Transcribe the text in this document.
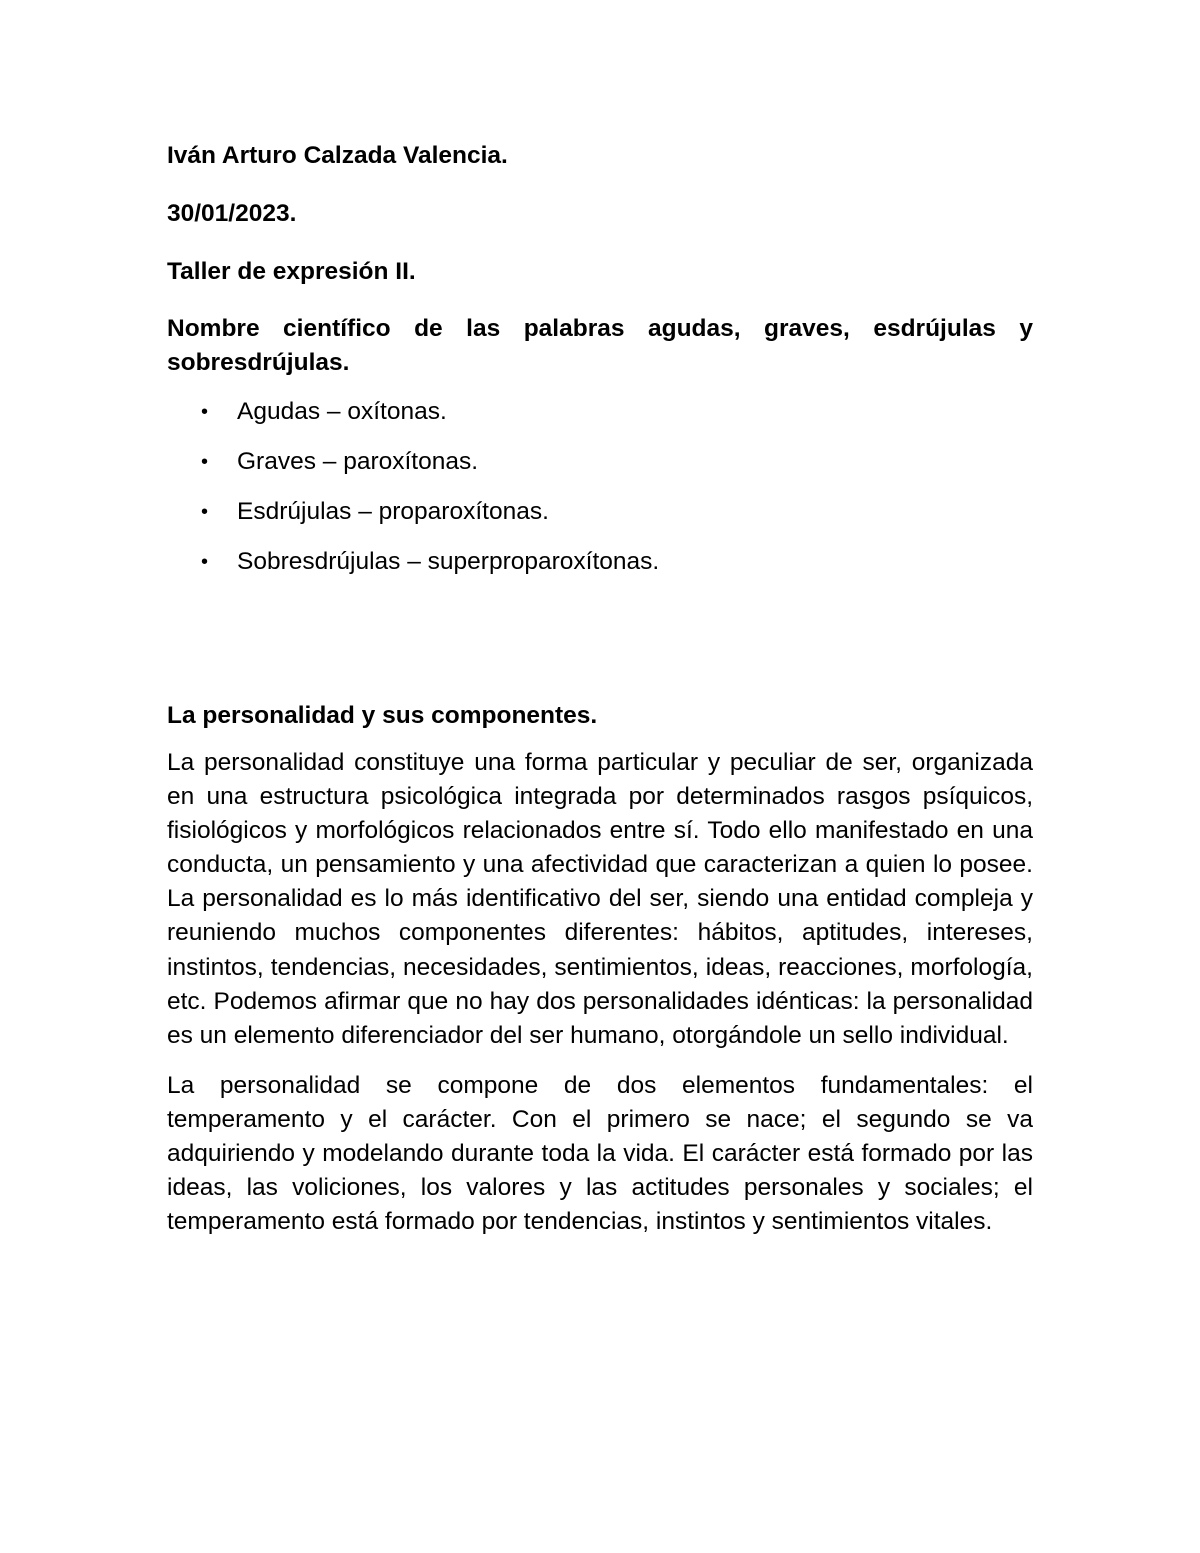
Iván Arturo Calzada Valencia.

30/01/2023.

Taller de expresión II.

Nombre científico de las palabras agudas, graves, esdrújulas y sobresdrújulas.

• Agudas – oxítonas.
• Graves – paroxítonas.
• Esdrújulas – proparoxítonas.
• Sobresdrújulas – superproparoxítonas.

La personalidad y sus componentes.

La personalidad constituye una forma particular y peculiar de ser, organizada en una estructura psicológica integrada por determinados rasgos psíquicos, fisiológicos y morfológicos relacionados entre sí. Todo ello manifestado en una conducta, un pensamiento y una afectividad que caracterizan a quien lo posee. La personalidad es lo más identificativo del ser, siendo una entidad compleja y reuniendo muchos componentes diferentes: hábitos, aptitudes, intereses, instintos, tendencias, necesidades, sentimientos, ideas, reacciones, morfología, etc. Podemos afirmar que no hay dos personalidades idénticas: la personalidad es un elemento diferenciador del ser humano, otorgándole un sello individual.

La personalidad se compone de dos elementos fundamentales: el temperamento y el carácter. Con el primero se nace; el segundo se va adquiriendo y modelando durante toda la vida. El carácter está formado por las ideas, las voliciones, los valores y las actitudes personales y sociales; el temperamento está formado por tendencias, instintos y sentimientos vitales.
